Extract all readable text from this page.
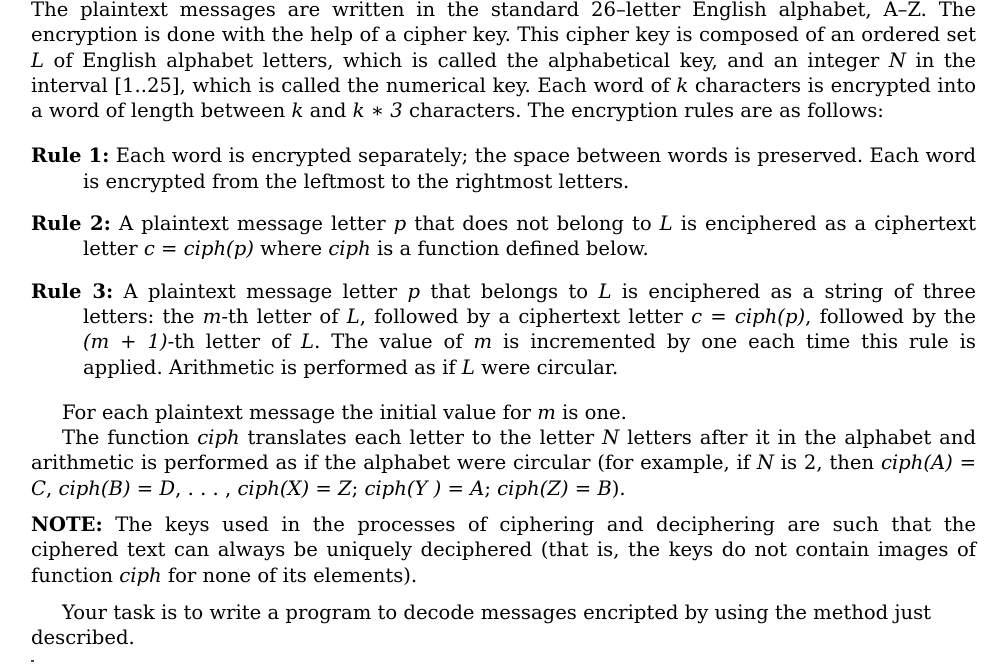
The plaintext messages are written in the standard 26–letter English alphabet, A–Z. The encryption is done with the help of a cipher key. This cipher key is composed of an ordered set L of English alphabet letters, which is called the alphabetical key, and an integer N in the interval [1..25], which is called the numerical key. Each word of k characters is encrypted into a word of length between k and k ∗ 3 characters. The encryption rules are as follows:

Rule 1: Each word is encrypted separately; the space between words is preserved. Each word is encrypted from the leftmost to the rightmost letters.

Rule 2: A plaintext message letter p that does not belong to L is enciphered as a ciphertext letter c = ciph(p) where ciph is a function defined below.

Rule 3: A plaintext message letter p that belongs to L is enciphered as a string of three letters: the m-th letter of L, followed by a ciphertext letter c = ciph(p), followed by the (m + 1)-th letter of L. The value of m is incremented by one each time this rule is applied. Arithmetic is performed as if L were circular.

For each plaintext message the initial value for m is one.

The function ciph translates each letter to the letter N letters after it in the alphabet and arithmetic is performed as if the alphabet were circular (for example, if N is 2, then ciph(A) = C, ciph(B) = D, . . . , ciph(X) = Z; ciph(Y ) = A; ciph(Z) = B).

NOTE: The keys used in the processes of ciphering and deciphering are such that the ciphered text can always be uniquely deciphered (that is, the keys do not contain images of function ciph for none of its elements).

Your task is to write a program to decode messages encripted by using the method just described.
